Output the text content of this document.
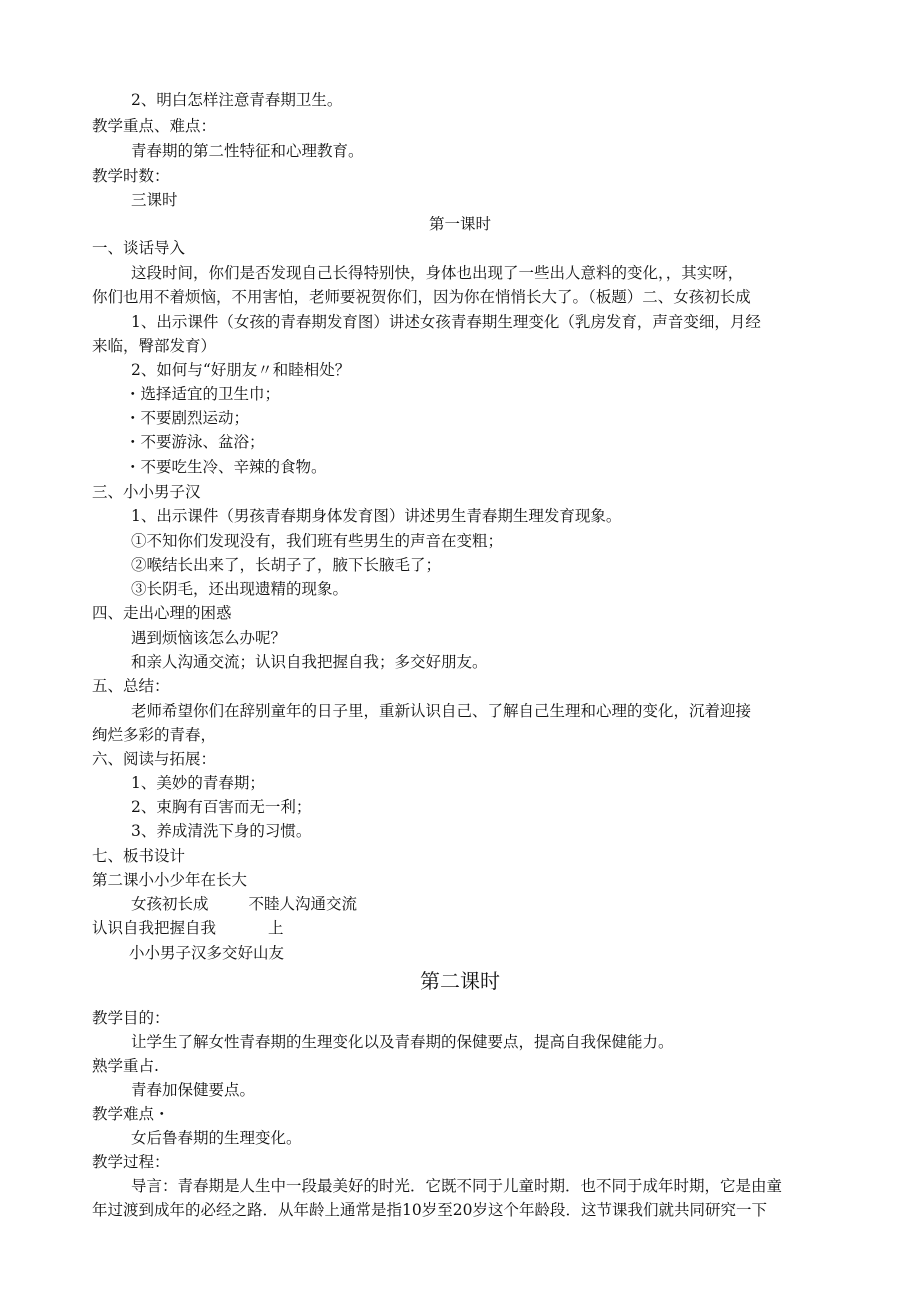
2、明白怎样注意青春期卫生。
教学重点、难点：
青春期的第二性特征和心理教育。
教学时数：
三课时
第一课时
一、谈话导入
这段时间，你们是否发现自己长得特别快，身体也出现了一些出人意料的变化，，其实呀，
你们也用不着烦恼，不用害怕，老师要祝贺你们，因为你在悄悄长大了。（板题）二、女孩初长成
1、出示课件（女孩的青春期发育图）讲述女孩青春期生理变化（乳房发育，声音变细，月经
来临，臀部发育）
2、如何与“好朋友〃和睦相处？
・选择适宜的卫生巾；
・不要剧烈运动；
・不要游泳、盆浴；
・不要吃生冷、辛辣的食物。
三、小小男子汉
1、出示课件（男孩青春期身体发育图）讲述男生青春期生理发育现象。
①不知你们发现没有，我们班有些男生的声音在变粗；
②喉结长出来了，长胡子了，腋下长腋毛了；
③长阴毛，还出现遗精的现象。
四、走出心理的困惑
遇到烦恼该怎么办呢？
和亲人沟通交流；认识自我把握自我；多交好朋友。
五、总结：
老师希望你们在辞别童年的日子里，重新认识自己、了解自己生理和心理的变化，沉着迎接
绚烂多彩的青春，
六、阅读与拓展：
1、美妙的青春期；
2、束胸有百害而无一利；
3、养成清洗下身的习惯。
七、板书设计
第二课小小少年在长大
女孩初长成	不睦人沟通交流
认识自我把握自我	上
小小男子汉多交好山友
第二课时
教学目的：
让学生了解女性青春期的生理变化以及青春期的保健要点，提高自我保健能力。
熟学重占.
青春加保健要点。
教学难点・
女后鲁春期的生理变化。
教学过程：
导言：青春期是人生中一段最美好的时光．它既不同于儿童时期．也不同于成年时期，它是由童
年过渡到成年的必经之路．从年龄上通常是指10岁至20岁这个年龄段．这节课我们就共同研究一下
